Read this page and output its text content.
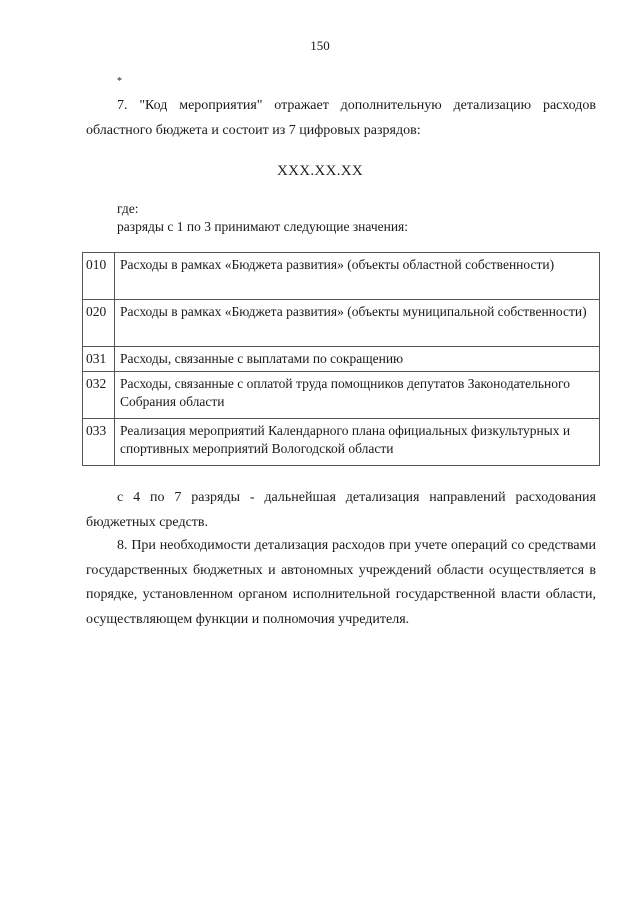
150
*

7. "Код мероприятия" отражает дополнительную детализацию расходов областного бюджета и состоит из 7 цифровых разрядов:

XXX.XX.XX

где:

разряды с 1 по 3 принимают следующие значения:

010	Расходы в рамках «Бюджета развития» (объекты областной собственности)
020	Расходы в рамках «Бюджета развития» (объекты муниципальной собственности)
031	Расходы, связанные с выплатами по сокращению
032	Расходы, связанные с оплатой труда помощников депутатов Законодательного Собрания области
033	Реализация мероприятий Календарного плана официальных физкультурных и спортивных мероприятий Вологодской области

с 4 по 7 разряды - дальнейшая детализация направлений расходования бюджетных средств.

8. При необходимости детализация расходов при учете операций со средствами государственных бюджетных и автономных учреждений области осуществляется в порядке, установленном органом исполнительной государственной власти области, осуществляющем функции и полномочия учредителя.
